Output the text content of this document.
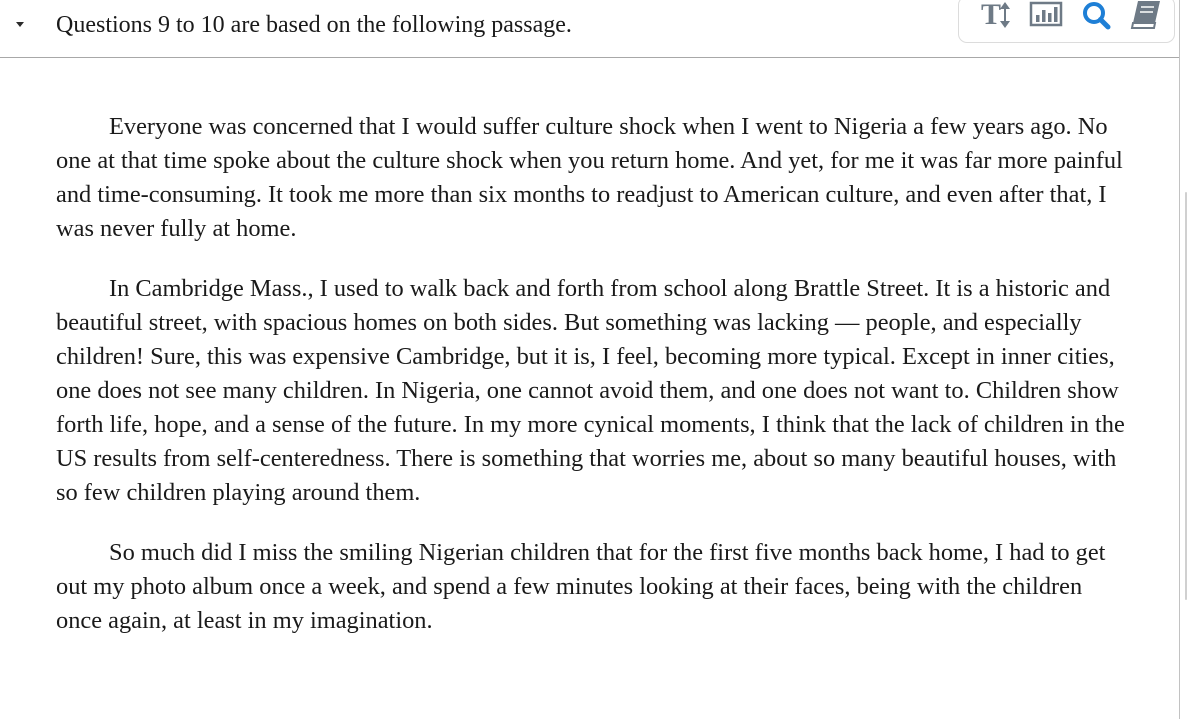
Questions 9 to 10 are based on the following passage.	T

Everyone was concerned that I would suffer culture shock when I went to Nigeria a few years ago. No one at that time spoke about the culture shock when you return home. And yet, for me it was far more painful and time-consuming. It took me more than six months to readjust to American culture, and even after that, I was never fully at home.

In Cambridge Mass., I used to walk back and forth from school along Brattle Street. It is a historic and beautiful street, with spacious homes on both sides. But something was lacking — people, and especially children! Sure, this was expensive Cambridge, but it is, I feel, becoming more typical. Except in inner cities, one does not see many children. In Nigeria, one cannot avoid them, and one does not want to. Children show forth life, hope, and a sense of the future. In my more cynical moments, I think that the lack of children in the US results from self-centeredness. There is something that worries me, about so many beautiful houses, with so few children playing around them.

So much did I miss the smiling Nigerian children that for the first five months back home, I had to get out my photo album once a week, and spend a few minutes looking at their faces, being with the children once again, at least in my imagination.
